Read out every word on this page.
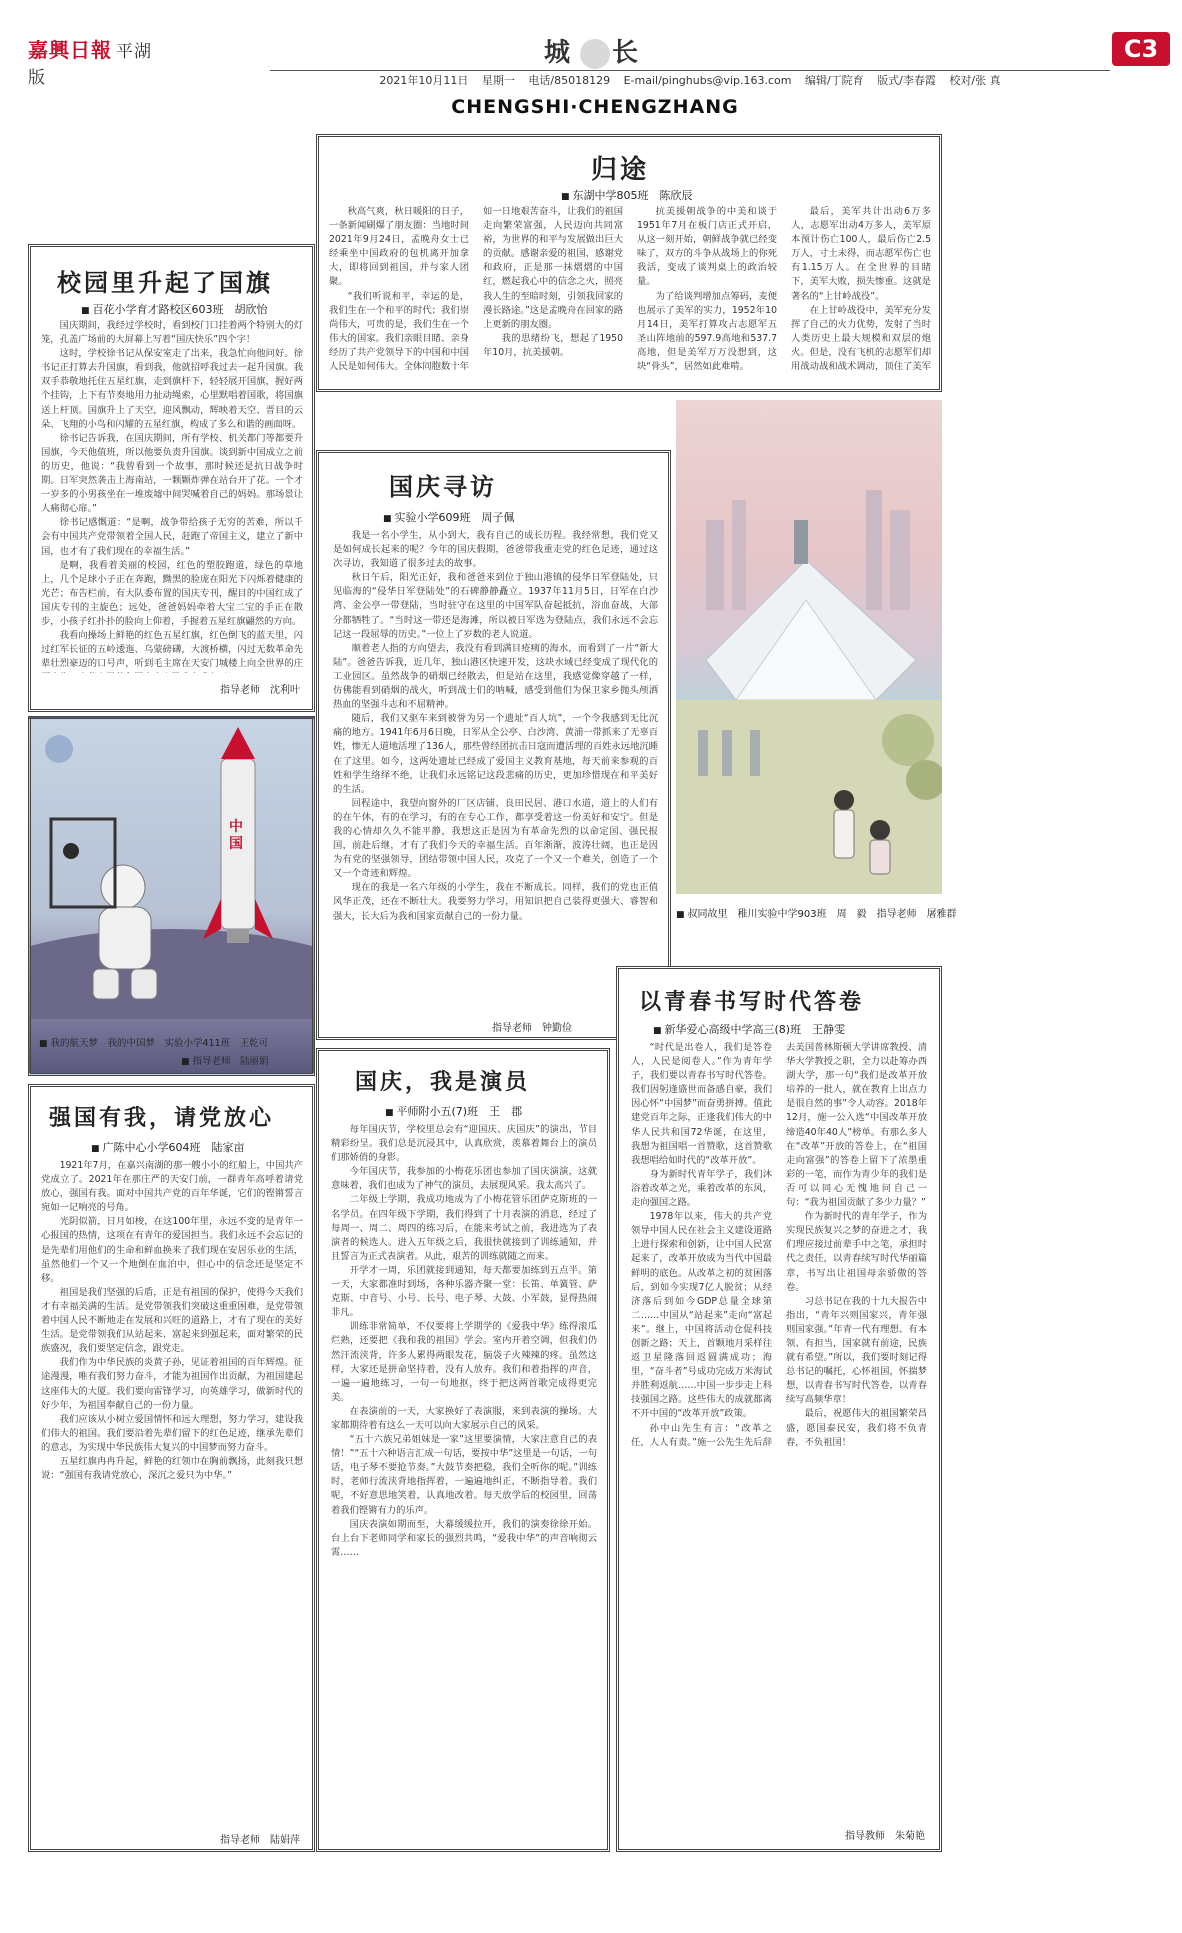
嘉興日報 平湖版
城 长	C3
2021年10月11日 星期一 电话/85018129 E-mail/pinghubs@vip.163.com 编辑/丁院育 版式/李春霞 校对/张 真
CHENGSHI·CHENGZHANG
归途
■ 东湖中学805班　陈欣辰

秋高气爽，秋日暖阳的日子，一条新闻刷爆了朋友圈：当地时间2021年9月24日，孟晚舟女士已经乘坐中国政府的包机离开加拿大，即将回到祖国，并与家人团聚。

“我们听说和平，幸运的是，我们生在一个和平的时代；我们崇尚伟大，可贵的是，我们生在一个伟大的国家。我们亲眼目睹、亲身经历了共产党领导下的中国和中国人民是如何伟大。全体同胞数十年如一日地艰苦奋斗，让我们的祖国走向繁荣富强，人民迈向共同富裕，为世界的和平与发展做出巨大的贡献。感谢亲爱的祖国，感谢党和政府，正是那一抹熠熠的中国红，燃起我心中的信念之火，照亮我人生的至暗时刻，引领我回家的漫长路途。”这是孟晚舟在回家的路上更新的朋友圈。

我的思绪纷飞，想起了1950年10月，抗美援朝。

抗美援朝战争的中美和谈于1951年7月在板门店正式开启，从这一刻开始，朝鲜战争就已经变味了，双方的斗争从战场上的你死我活，变成了谈判桌上的政治较量。

为了给谈判增加点筹码，麦便也展示了美军的实力，1952年10月14日，美军打算攻占志愿军五圣山阵地前的597.9高地和537.7高地，但是美军万万没想到，这块“骨头”，居然如此难啃。

最后，美军共计出动6万多人，志愿军出动4万多人，美军原本预计伤亡100人，最后伤亡2.5万人，寸土未得，而志愿军伤亡也有1.15万人。在全世界的目睹下，美军大败，损失惨重。这就是著名的“上甘岭战役”。

在上甘岭战役中，美军充分发挥了自己的火力优势，发射了当时人类历史上最大规模和双层的炮火。但是，没有飞机的志愿军们却用战动战和战术调动，顶住了美军

校园里升起了国旗
■ 百花小学育才路校区603班　胡欣怡

国庆期间，我经过学校时，看到校门口挂着两个特别大的灯笼，孔盖广场前的大屏幕上写着“国庆快乐”四个字！

这时，学校徐书记从保安室走了出来，我急忙向他问好。徐书记正打算去升国旗，看到我，他就招呼我过去一起升国旗。我双手恭敬地托住五星红旗，走到旗杆下，轻轻展开国旗，握好两个挂钩，上下有节奏地用力扯动绳索，心里默唱着国歌，将国旗送上杆顶。国旗升上了天空，迎风飘动，辉映着天空、晋目的云朵、飞翔的小鸟和闪耀的五星红旗，构成了多么和谐的画面呀。

徐书记告诉我，在国庆期间，所有学校、机关都门等都要升国旗，今天他值班，所以他要负责升国旗。谈到新中国成立之前的历史，他说：“我曾看到一个故事，那时候还是抗日战争时期。日军突然袭击上海南站，一颗颗炸弹在站台开了花。一个才一岁多的小男孩坐在一堆废墟中间哭喊着自己的妈妈。那场景让人痛彻心扉。”

徐书记感慨道：“是啊，战争带给孩子无穷的苦难，所以千会有中国共产党带领着全国人民，赶跑了帝国主义，建立了新中国，也才有了我们现在的幸福生活。”

是啊，我看着美丽的校园，红色的塑胶跑道，绿色的草地上，几个足球小子正在奔跑，黝黑的脸庞在阳光下闪烁着健康的光芒；布告栏前，有大队委布置的国庆专刊，醒目的中国红成了国庆专刊的主旋色；远处，爸爸妈妈牵着大宝二宝的手正在散步，小孩子红扑扑的脸向上仰着，手握着五星红旗翩然的方向。

我看向操场上鲜艳的红色五星红旗，红色倒飞的蓝天里，闪过红军长征的五岭逶迤、乌蒙磅礴，大渡桥横，闪过无数革命先辈壮烈豪迈的口号声，听到毛主席在天安门城楼上向全世界的庄

指导老师　沈利叶
中国
■ 我的航天梦　我的中国梦　实验小学411班　王乾可
■ 指导老师　陆丽娟
国庆寻访
■ 实验小学609班　周子佩

我是一名小学生，从小到大，我有自己的成长历程。我经常想，我们党又是如何成长起来的呢？今年的国庆假期，爸爸带我重走党的红色足迹，通过这次寻访，我知道了很多过去的故事。

秋日午后，阳光正好，我和爸爸来到位于独山港镇的侵华日军登陆处，只见临海的“侵华日军登陆处”的石碑静静矗立。1937年11月5日，日军在白沙湾、金公亭一带登陆，当时驻守在这里的中国军队奋起抵抗，浴血奋战，大部分都牺牲了。“当时这一带还是海滩，所以被日军选为登陆点，我们永远不会忘记这一段屈辱的历史。”一位上了岁数的老人说道。

顺着老人指的方向望去，我没有看到满目疮痍的海水，而看到了一片“新大陆”。爸爸告诉我，近几年，独山港区快速开发，这块水域已经变成了现代化的工业园区。虽然战争的硝烟已经散去，但是站在这里，我感觉像穿越了一样，仿佛能看到硝烟的战火，听到战士们的呐喊，感受到他们为保卫家乡抛头颅洒热血的坚强斗志和不屈精神。

随后，我们又驱车来到被誉为另一个遗址“百人坑”，一个令我感到无比沉痛的地方。1941年6月6日晚，日军从全公亭、白沙湾、黄浦一带抓来了无辜百姓，惨无人道地活埋了136人，那些曾经团抗击日寇而遭活埋的百姓永远地沉睡在了这里。如今，这两处遗址已经成了爱国主义教育基地，每天前来参观的百姓和学生络绎不绝，让我们永远铭记这段悲痛的历史，更加珍惜现在和平美好的生活。

回程途中，我望向窗外的厂区店铺、良田民居、港口水道，道上的人们有的在午休，有的在学习，有的在专心工作，都享受着这一份美好和安宁。但是我的心情却久久不能平静，我想这正是因为有革命先烈的以命定国、强民报国，前赴后继，才有了我们今天的幸福生活。百年渐渐，波涛壮阔，也正是因为有党的坚强领导，团结带领中国人民，攻克了一个又一个难关，创造了一个又一个奇迹和辉煌。

现在的我是一名六年级的小学生，我在不断成长。同样，我们的党也正值风华正茂，还在不断壮大。我要努力学习，用知识把自己装得更强大、睿智和强大，长大后为我和国家贡献自己的一份力量。

指导老师　钟勤俭
■ 叔同故里　稚川实验中学903班　周　毅　指导老师　屠雅群
以青春书写时代答卷
■ 新华爱心高级中学高三(8)班　王静雯

“时代是出卷人，我们是答卷人，人民是阅卷人。”作为青年学子，我们要以青春书写时代答卷。我们因躬逢盛世而备感自豪，我们因心怀“中国梦”而奋勇拼搏。值此建党百年之际，正逢我们伟大的中华人民共和国72华诞，在这里，我想为祖国唱一首赞歌，这首赞歌我想唱给如时代的“改革开放”。

身为新时代青年学子，我们沐浴着改革之光，乘着改革的东风，走向强国之路。

1978年以来，伟大的共产党领导中国人民在社会主义建设道路上进行探索和创新，让中国人民富起来了，改革开放成为当代中国最鲜明的底色。从改革之初的贫困落后，到如今实现7亿人脱贫；从经济落后到如今GDP总量全球第二……中国从“站起来”走向“富起来”。继上，中国将活动仓促科技创新之路；天上，首颗地月采样往返卫星隆落回返圆满成功；海里，“奋斗者”号成功完成万米海试并胜利返航……中国一步步走上科技强国之路。这些伟大的成就都离不开中国的“改革开放”政策。

孙中山先生有言：“改革之任，人人有责。”施一公先生先后辞去美国普林斯顿大学讲席教授、清华大学教授之职，全力以赴筹办西湖大学，那一句“我们是改革开放培养的一批人，就在教育上出点力是很自然的事”令人动容。2018年12月，施一公入选“中国改革开放缔造40年40人”榜单。有那么多人在“改革”开放的答卷上，在“祖国走向富强”的答卷上留下了浓墨重彩的一笔，而作为青少年的我们是否可以同心无愧地问自己一句：“我为祖国贡献了多少力量？”

作为新时代的青年学子，作为实现民族复兴之梦的奋进之才，我们理应接过前辈手中之笔，承担时代之责任，以青春续写时代华丽篇章，书写出让祖国母亲骄傲的答卷。

习总书记在我的十九大报告中指出，“青年兴则国家兴，青年强则国家强。”年青一代有理想、有本领、有担当，国家就有前途，民族就有希望。”所以，我们要时刻记得总书记的嘱托，心怀祖国，怀揣梦想，以青春书写时代答卷，以青春续写高频华章！

最后，祝愿伟大的祖国繁荣昌盛，愿国泰民安，我们将不负青春，不负祖国！

指导教师　朱菊艳
国庆，我是演员
■ 平师附小五(7)班　王　郡

每年国庆节，学校里总会有“迎国庆、庆国庆”的演出，节目精彩纷呈。我们总是沉浸其中，认真欣赏，羡慕着舞台上的演员们那娇俏的身影。

今年国庆节，我参加的小梅花乐团也参加了国庆演演，这就意味着，我们也成为了神气的演员，去展现风采。我太高兴了。

二年级上学期，我成功地成为了小梅花管乐团萨克斯班的一名学员。在四年级下学期，我们得到了十月表演的消息，经过了每周一、周二、周四的练习后，在能来考试之前，我进选为了表演者的候选人。进入五年级之后，我很快就接到了训练通知，并且誓言为正式表演者。从此，艰苦的训练就随之而来。

开学才一周，乐团就接到通知，每天都要加练到五点半。第一天，大家都准时到场，各种乐器齐聚一堂：长笛、单簧管、萨克斯、中音号、小号、长号、电子琴、大鼓、小军鼓，显得热闹非凡。

训练非常简单，不仅要将上学期学的《爱我中华》练得滚瓜烂熟，还要把《我和我的祖国》学会。室内开着空调，但我们仍然汗流浃背，许多人累得两眼发花，脑袋子火辣辣的疼。虽然这样，大家还是拼命坚持着，没有人放弃。我们和着指挥的声音，一遍一遍地练习，一句一句地抠，终于把这两首歌完成得更完美。

在表演前的一天，大家换好了表演服，来到表演的操场。大家都期待着有这么一天可以向大家展示自己的风采。

“五十六族兄弟姐妹是一家”这里要演情，大家注意自己的表情！”“五十六种语言汇成一句话，要按中华”这里是一句话，一句话，电子琴不要抢节奏。”大鼓节奏把稳，我们全听你的呢。”训练时，老师行流浃背地指挥着，一遍遍地纠正，不断指导着。我们呢，不好意思地笑着，认真地改着。每天放学后的校园里，回荡着我们铿锵有力的乐声。

国庆表演如期而至，大幕缓缓拉开，我们的演奏徐徐开始。台上台下老师同学和家长的强烈共鸣，“爱我中华”的声音响彻云霄……

强国有我，请党放心
■ 广陈中心小学604班　陆家亩

1921年7月，在嘉兴南湖的那一艘小小的红船上，中国共产党成立了。2021年在那庄严的天安门前，一群青年高呼着请党放心，强国有我。面对中国共产党的百年华诞，它们的铿锵誓言宛如一记响亮的号角。

光阴似箭，日月如梭，在这100年里，永远不变的是青年一心报国的热情，这项在有青年的爱国担当。我们永远不会忘记的是先辈们用他们的生命和鲜血换来了我们现在安居乐业的生活，虽然他们一个又一个地倒在血泊中，但心中的信念还是坚定不移。

祖国是我们坚强的后盾，正是有祖国的保护，使得今天我们才有幸福美满的生活。是党带领我们突破这重重困难，是党带领着中国人民不断地走在发展和兴旺的道路上，才有了现在的美好生活。是党带领我们从站起来、富起来到强起来，面对繁荣的民族盛况，我们要坚定信念，跟党走。

我们作为中华民族的炎黄子孙，见证着祖国的百年辉煌。征途漫漫，唯有我们努力奋斗，才能为祖国作出贡献，为祖国建起这座伟大的大厦。我们要向雷锋学习，向英雄学习，做新时代的好少年，为祖国奉献自己的一份力量。

我们应该从小树立爱国情怀和远大理想，努力学习，建设我们伟大的祖国。我们要沿着先辈们留下的红色足迹，继承先辈们的意志，为实现中华民族伟大复兴的中国梦而努力奋斗。

五星红旗冉冉升起，鲜艳的红领巾在胸前飘扬，此刻我只想说：“强国有我请党放心，深沉之爱只为中华。”

指导老师　陆娟萍
